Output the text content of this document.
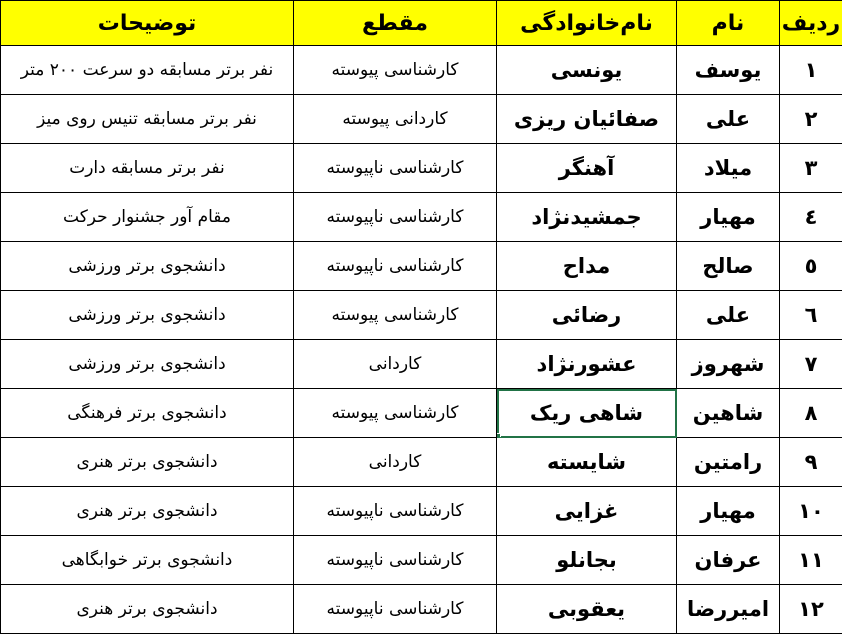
توضیحات	مقطع	نام‌خانوادگی	نام	ردیف
نفر برتر مسابقه دو سرعت ۲۰۰ متر	کارشناسی پیوسته	یونسی	یوسف	۱
نفر برتر مسابقه تنیس روی میز	کاردانی پیوسته	صفائیان ریزی	علی	۲
نفر برتر مسابقه دارت	کارشناسی ناپیوسته	آهنگر	میلاد	۳
مقام آور جشنوار حرکت	کارشناسی ناپیوسته	جمشیدنژاد	مهیار	٤
دانشجوی برتر ورزشی	کارشناسی ناپیوسته	مداح	صالح	٥
دانشجوی برتر ورزشی	کارشناسی پیوسته	رضائی	علی	٦
دانشجوی برتر ورزشی	کاردانی	عشورنژاد	شهروز	۷
دانشجوی برتر فرهنگی	کارشناسی پیوسته	شاهی ریک	شاهین	۸
دانشجوی برتر هنری	کاردانی	شایسته	رامتین	۹
دانشجوی برتر هنری	کارشناسی ناپیوسته	غزایی	مهیار	۱۰
دانشجوی برتر خوابگاهی	کارشناسی ناپیوسته	بجانلو	عرفان	۱۱
دانشجوی برتر هنری	کارشناسی ناپیوسته	یعقوبی	امیررضا	۱۲
